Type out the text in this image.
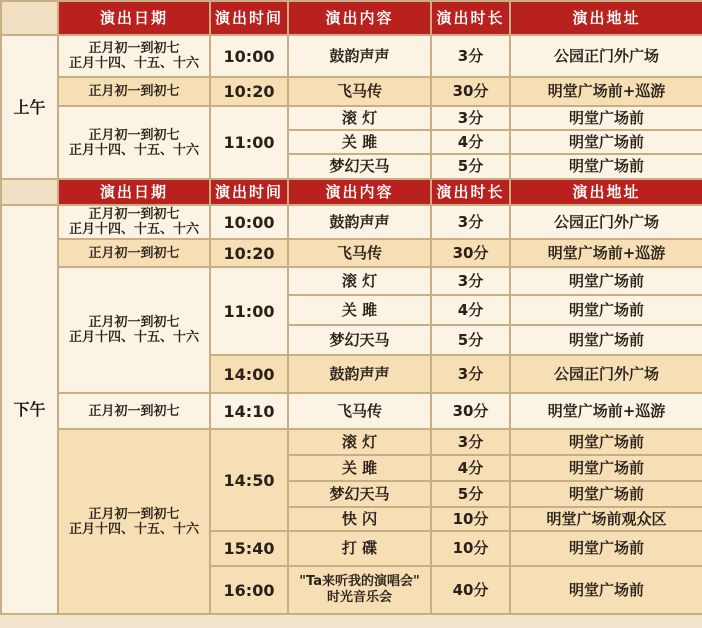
	演出日期	演出时间	演出内容	演出时长	演出地址
上午	正月初一到初七
正月十四、十五、十六	10:00	鼓韵声声	3分	公园正门外广场
	正月初一到初七	10:20	飞马传	30分	明堂广场前+巡游

	正月初一到初七
正月十四、十五、十六	11:00	滚 灯	3分	明堂广场前
			关 雎	4分	明堂广场前
			梦幻天马	5分	明堂广场前
	演出日期	演出时间	演出内容	演出时长	演出地址
下午	正月初一到初七
正月十四、十五、十六	10:00	鼓韵声声	3分	公园正门外广场
	正月初一到初七	10:20	飞马传	30分	明堂广场前+巡游

	正月初一到初七
正月十四、十五、十六	11:00	滚 灯	3分	明堂广场前
			关 雎	4分	明堂广场前
			梦幻天马	5分	明堂广场前
		14:00	鼓韵声声	3分	公园正门外广场
	正月初一到初七	14:10	飞马传	30分	明堂广场前+巡游

	正月初一到初七
正月十四、十五、十六	14:50	滚 灯	3分	明堂广场前
			关 雎	4分	明堂广场前
			梦幻天马	5分	明堂广场前
			快 闪	10分	明堂广场前观众区
		15:40	打 碟	10分	明堂广场前
		16:00	"Ta来听我的演唱会"
时光音乐会	40分	明堂广场前
